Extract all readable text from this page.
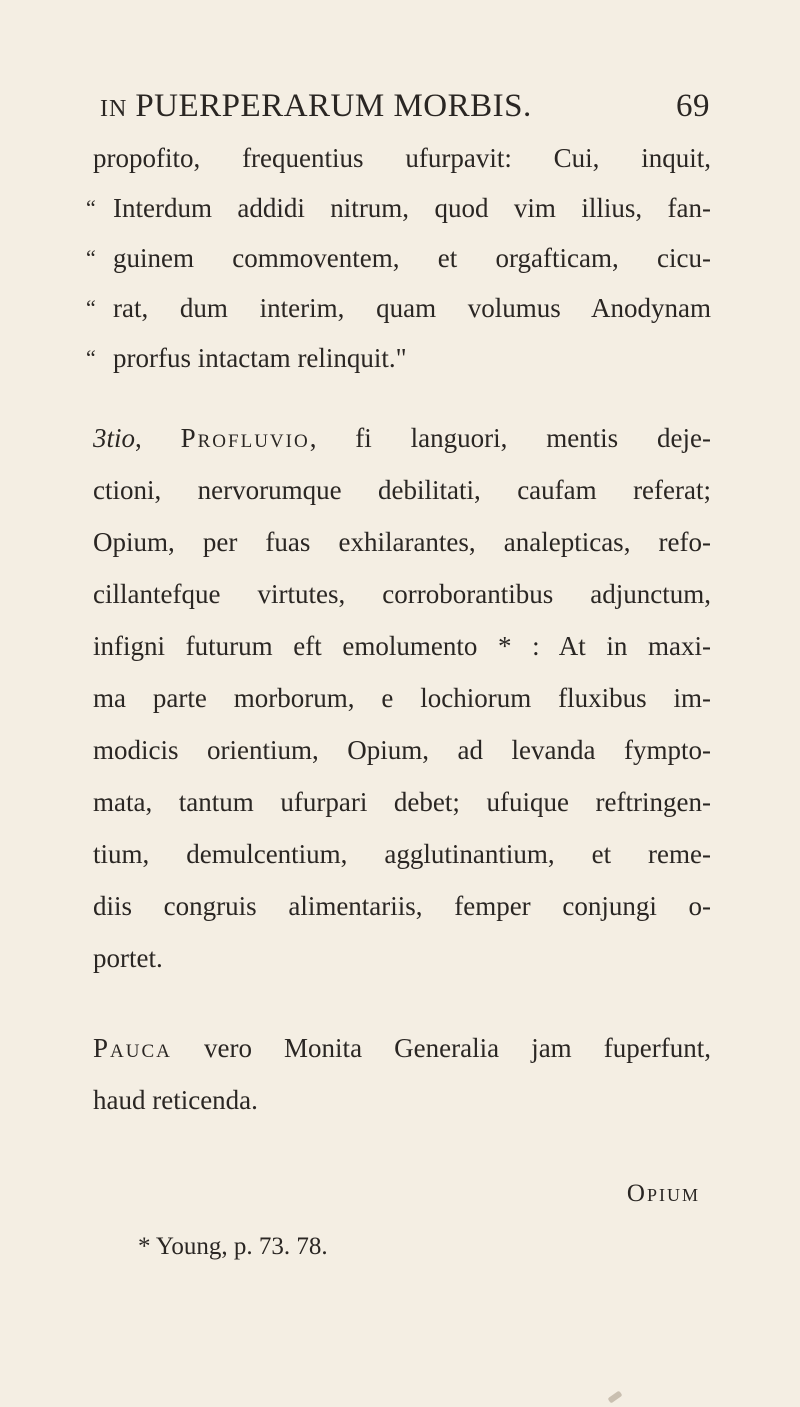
IN PUERPERARUM MORBIS.	69
propofito, frequentius ufurpavit: Cui, inquit,
“ Interdum addidi nitrum, quod vim illius, fan-
“ guinem commoventem, et orgafticam, cicu-
“ rat, dum interim, quam volumus Anodynam
“ prorfus intactam relinquit."
3tio, Profluvio, fi languori, mentis deje-
ctioni, nervorumque debilitati, caufam referat;
Opium, per fuas exhilarantes, analepticas, refo-
cillantefque virtutes, corroborantibus adjunctum,
infigni futurum eft emolumento * : At in maxi-
ma parte morborum, e lochiorum fluxibus im-
modicis orientium, Opium, ad levanda fympto-
mata, tantum ufurpari debet; ufuique reftringen-
tium, demulcentium, agglutinantium, et reme-
diis congruis alimentariis, femper conjungi o-
portet.
Pauca vero Monita Generalia jam fuperfunt,
haud reticenda.
Opium
* Young, p. 73. 78.
